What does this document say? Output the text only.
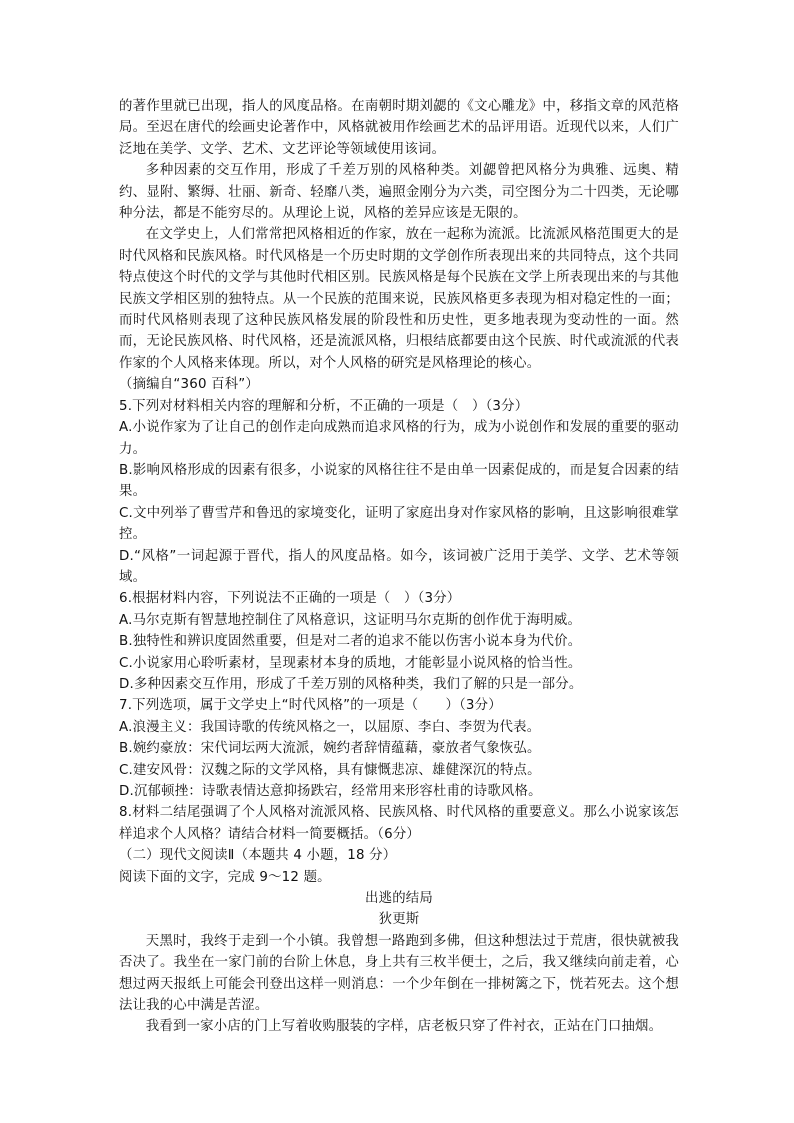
的著作里就已出现，指人的风度品格。在南朝时期刘勰的《文心雕龙》中，移指文章的风范格局。至迟在唐代的绘画史论著作中，风格就被用作绘画艺术的品评用语。近现代以来，人们广泛地在美学、文学、艺术、文艺评论等领域使用该词。

多种因素的交互作用，形成了千差万别的风格种类。刘勰曾把风格分为典雅、远奥、精约、显附、繁缛、壮丽、新奇、轻靡八类，遍照金刚分为六类，司空图分为二十四类，无论哪种分法，都是不能穷尽的。从理论上说，风格的差异应该是无限的。

在文学史上，人们常常把风格相近的作家，放在一起称为流派。比流派风格范围更大的是时代风格和民族风格。时代风格是一个历史时期的文学创作所表现出来的共同特点，这个共同特点使这个时代的文学与其他时代相区别。民族风格是每个民族在文学上所表现出来的与其他民族文学相区别的独特点。从一个民族的范围来说，民族风格更多表现为相对稳定性的一面；而时代风格则表现了这种民族风格发展的阶段性和历史性，更多地表现为变动性的一面。然而，无论民族风格、时代风格，还是流派风格，归根结底都要由这个民族、时代或流派的代表作家的个人风格来体现。所以，对个人风格的研究是风格理论的核心。

（摘编自“360 百科”）

5.下列对材料相关内容的理解和分析，不正确的一项是（　）（3分）

A.小说作家为了让自己的创作走向成熟而追求风格的行为，成为小说创作和发展的重要的驱动力。

B.影响风格形成的因素有很多，小说家的风格往往不是由单一因素促成的，而是复合因素的结果。

C.文中列举了曹雪芹和鲁迅的家境变化，证明了家庭出身对作家风格的影响，且这影响很难掌控。

D.“风格”一词起源于晋代，指人的风度品格。如今，该词被广泛用于美学、文学、艺术等领域。

6.根据材料内容，下列说法不正确的一项是（　）（3分）

A.马尔克斯有智慧地控制住了风格意识，这证明马尔克斯的创作优于海明威。

B.独特性和辨识度固然重要，但是对二者的追求不能以伤害小说本身为代价。

C.小说家用心聆听素材，呈现素材本身的质地，才能彰显小说风格的恰当性。

D.多种因素交互作用，形成了千差万别的风格种类，我们了解的只是一部分。

7.下列选项，属于文学史上“时代风格”的一项是（　　）（3分）

A.浪漫主义：我国诗歌的传统风格之一，以屈原、李白、李贺为代表。

B.婉约豪放：宋代词坛两大流派，婉约者辞情蕴藉，豪放者气象恢弘。

C.建安风骨：汉魏之际的文学风格，具有慷慨悲凉、雄健深沉的特点。

D.沉郁顿挫：诗歌表情达意抑扬跌宕，经常用来形容杜甫的诗歌风格。

8.材料二结尾强调了个人风格对流派风格、民族风格、时代风格的重要意义。那么小说家该怎样追求个人风格？请结合材料一简要概括。（6分）

（二）现代文阅读Ⅱ（本题共 4 小题，18 分）

阅读下面的文字，完成 9～12 题。

出逃的结局

狄更斯

天黑时，我终于走到一个小镇。我曾想一路跑到多佛，但这种想法过于荒唐，很快就被我否决了。我坐在一家门前的台阶上休息，身上共有三枚半便士，之后，我又继续向前走着，心想过两天报纸上可能会刊登出这样一则消息：一个少年倒在一排树篱之下，恍若死去。这个想法让我的心中满是苦涩。

我看到一家小店的门上写着收购服装的字样，店老板只穿了件衬衣，正站在门口抽烟。
